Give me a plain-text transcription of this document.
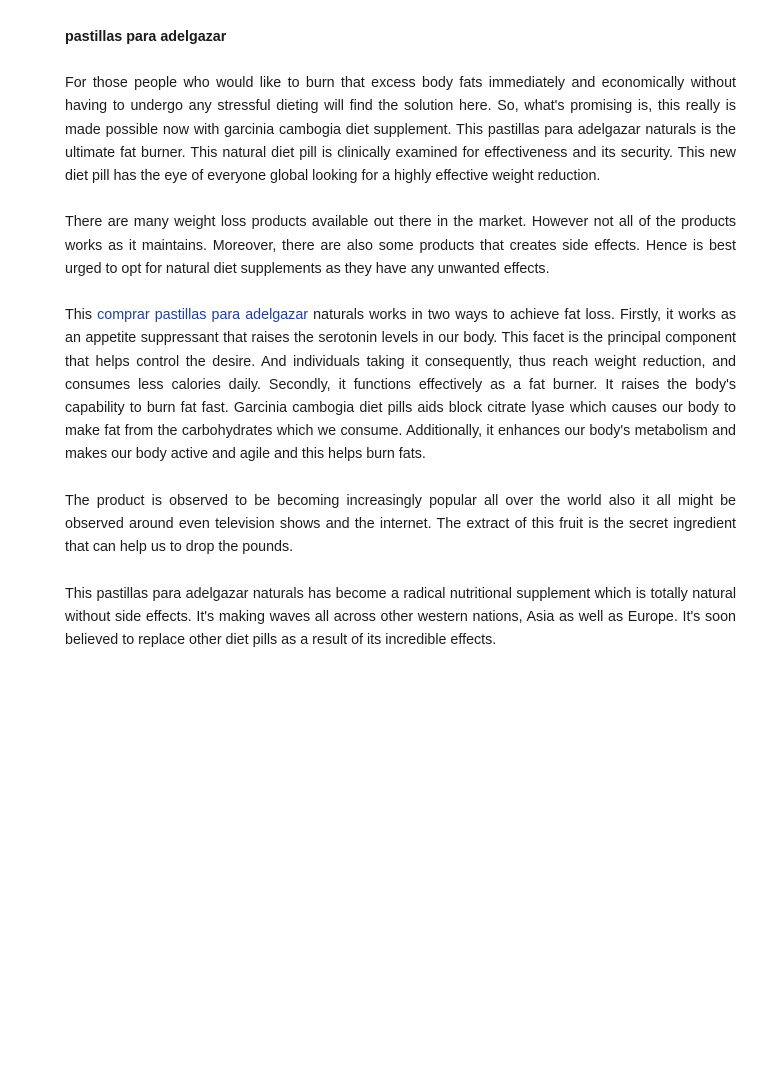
pastillas para adelgazar

For those people who would like to burn that excess body fats immediately and economically without having to undergo any stressful dieting will find the solution here. So, what's promising is, this really is made possible now with garcinia cambogia diet supplement. This pastillas para adelgazar naturals is the ultimate fat burner. This natural diet pill is clinically examined for effectiveness and its security. This new diet pill has the eye of everyone global looking for a highly effective weight reduction.

There are many weight loss products available out there in the market. However not all of the products works as it maintains. Moreover, there are also some products that creates side effects. Hence is best urged to opt for natural diet supplements as they have any unwanted effects.

This comprar pastillas para adelgazar naturals works in two ways to achieve fat loss. Firstly, it works as an appetite suppressant that raises the serotonin levels in our body. This facet is the principal component that helps control the desire. And individuals taking it consequently, thus reach weight reduction, and consumes less calories daily. Secondly, it functions effectively as a fat burner. It raises the body's capability to burn fat fast. Garcinia cambogia diet pills aids block citrate lyase which causes our body to make fat from the carbohydrates which we consume. Additionally, it enhances our body's metabolism and makes our body active and agile and this helps burn fats.

The product is observed to be becoming increasingly popular all over the world also it all might be observed around even television shows and the internet. The extract of this fruit is the secret ingredient that can help us to drop the pounds.

This pastillas para adelgazar naturals has become a radical nutritional supplement which is totally natural without side effects. It's making waves all across other western nations, Asia as well as Europe. It's soon believed to replace other diet pills as a result of its incredible effects.
